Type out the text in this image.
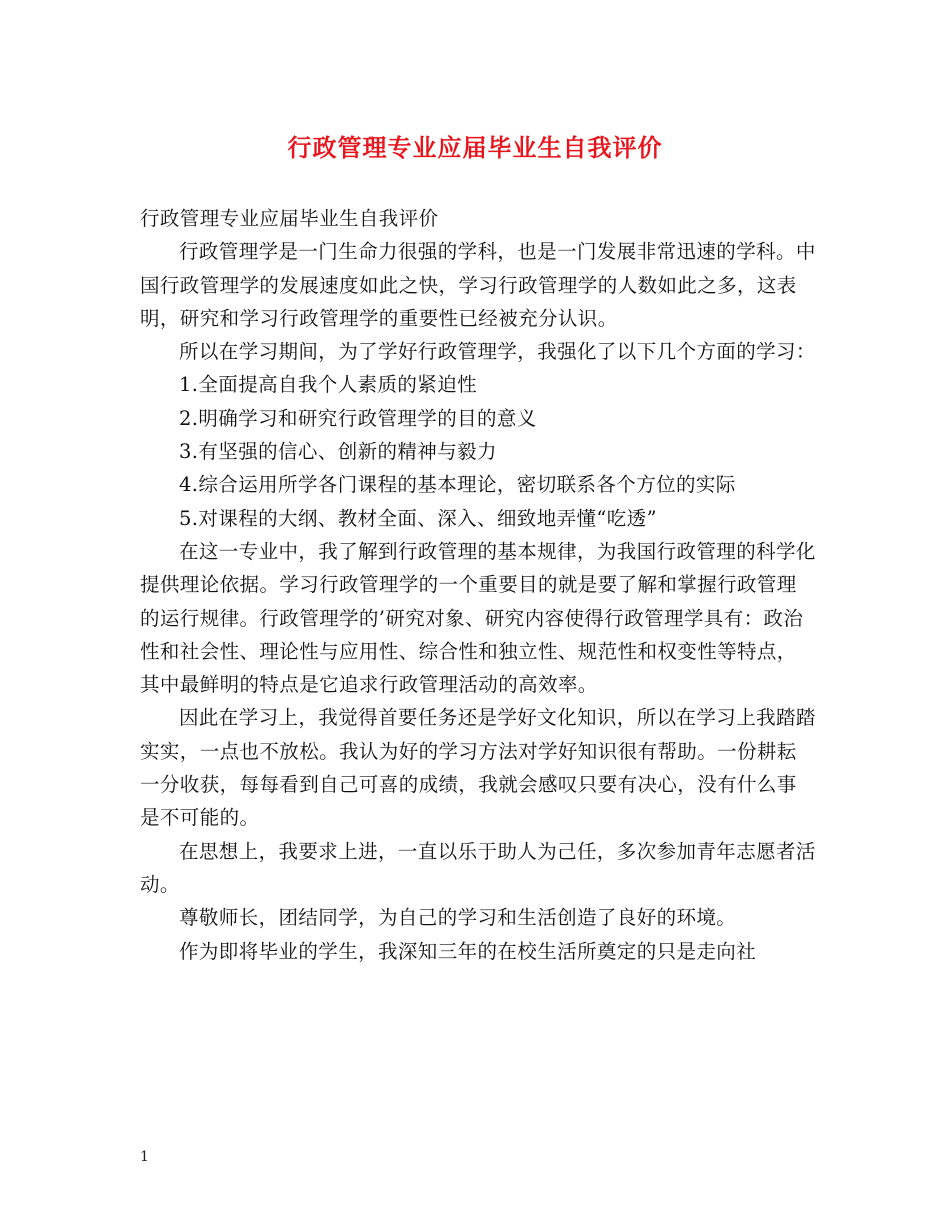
行政管理专业应届毕业生自我评价

行政管理专业应届毕业生自我评价

行政管理学是一门生命力很强的学科，也是一门发展非常迅速的学科。中国行政管理学的发展速度如此之快，学习行政管理学的人数如此之多，这表明，研究和学习行政管理学的重要性已经被充分认识。

所以在学习期间，为了学好行政管理学，我强化了以下几个方面的学习：

1.全面提高自我个人素质的紧迫性

2.明确学习和研究行政管理学的目的意义

3.有坚强的信心、创新的精神与毅力

4.综合运用所学各门课程的基本理论，密切联系各个方位的实际

5.对课程的大纲、教材全面、深入、细致地弄懂“吃透”

在这一专业中，我了解到行政管理的基本规律，为我国行政管理的科学化提供理论依据。学习行政管理学的一个重要目的就是要了解和掌握行政管理的运行规律。行政管理学的’研究对象、研究内容使得行政管理学具有：政治性和社会性、理论性与应用性、综合性和独立性、规范性和权变性等特点，其中最鲜明的特点是它追求行政管理活动的高效率。

因此在学习上，我觉得首要任务还是学好文化知识，所以在学习上我踏踏实实，一点也不放松。我认为好的学习方法对学好知识很有帮助。一份耕耘一分收获，每每看到自己可喜的成绩，我就会感叹只要有决心，没有什么事是不可能的。

在思想上，我要求上进，一直以乐于助人为己任，多次参加青年志愿者活动。

尊敬师长，团结同学，为自己的学习和生活创造了良好的环境。

作为即将毕业的学生，我深知三年的在校生活所奠定的只是走向社

1
